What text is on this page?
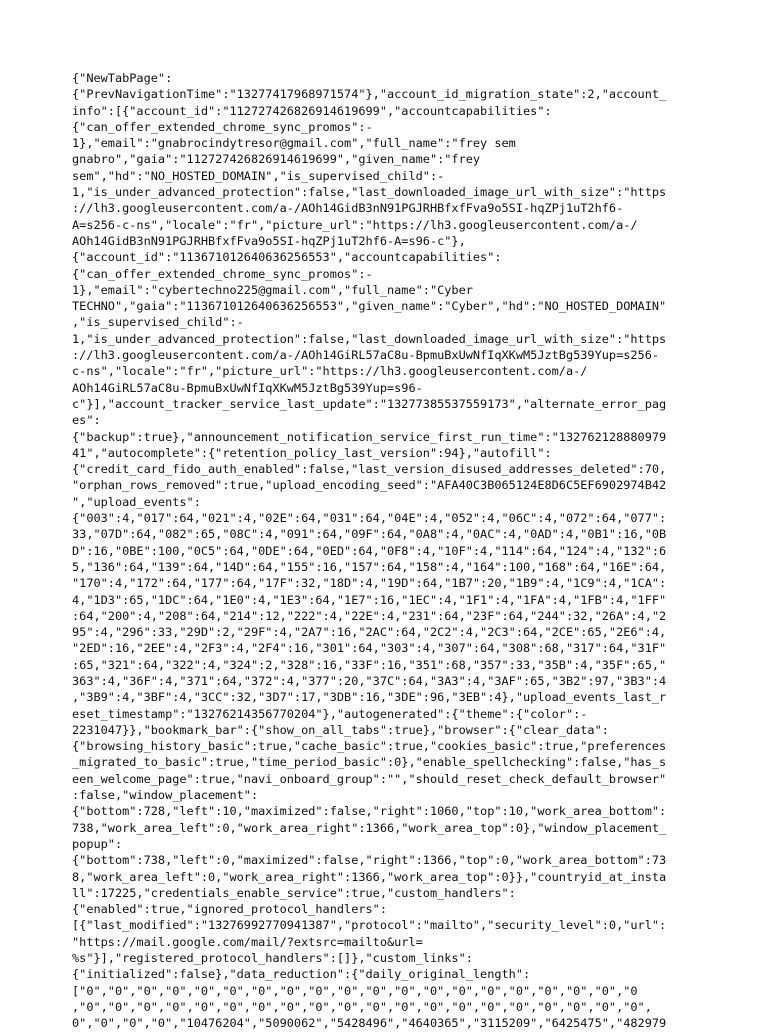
{"NewTabPage":
{"PrevNavigationTime":"13277417968971574"},"account_id_migration_state":2,"account_
info":[{"account_id":"112727426826914619699","accountcapabilities":
{"can_offer_extended_chrome_sync_promos":-
1},"email":"gnabrocindytresor@gmail.com","full_name":"frey sem
gnabro","gaia":"112727426826914619699","given_name":"frey
sem","hd":"NO_HOSTED_DOMAIN","is_supervised_child":-
1,"is_under_advanced_protection":false,"last_downloaded_image_url_with_size":"https
://lh3.googleusercontent.com/a-/AOh14GidB3nN91PGJRHBfxfFva9o5SI-hqZPj1uT2hf6-
A=s256-c-ns","locale":"fr","picture_url":"https://lh3.googleusercontent.com/a-/
AOh14GidB3nN91PGJRHBfxfFva9o5SI-hqZPj1uT2hf6-A=s96-c"},
{"account_id":"113671012640636256553","accountcapabilities":
{"can_offer_extended_chrome_sync_promos":-
1},"email":"cybertechno225@gmail.com","full_name":"Cyber
TECHNO","gaia":"113671012640636256553","given_name":"Cyber","hd":"NO_HOSTED_DOMAIN"
,"is_supervised_child":-
1,"is_under_advanced_protection":false,"last_downloaded_image_url_with_size":"https
://lh3.googleusercontent.com/a-/AOh14GiRL57aC8u-BpmuBxUwNfIqXKwM5JztBg539Yup=s256-
c-ns","locale":"fr","picture_url":"https://lh3.googleusercontent.com/a-/
AOh14GiRL57aC8u-BpmuBxUwNfIqXKwM5JztBg539Yup=s96-
c"}],"account_tracker_service_last_update":"13277385537559173","alternate_error_pag
es":
{"backup":true},"announcement_notification_service_first_run_time":"132762128880979
41","autocomplete":{"retention_policy_last_version":94},"autofill":
{"credit_card_fido_auth_enabled":false,"last_version_disused_addresses_deleted":70,
"orphan_rows_removed":true,"upload_encoding_seed":"AFA40C3B065124E8D6C5EF6902974B42
","upload_events":
{"003":4,"017":64,"021":4,"02E":64,"031":64,"04E":4,"052":4,"06C":4,"072":64,"077":
33,"07D":64,"082":65,"08C":4,"091":64,"09F":64,"0A8":4,"0AC":4,"0AD":4,"0B1":16,"0B
D":16,"0BE":100,"0C5":64,"0DE":64,"0ED":64,"0F8":4,"10F":4,"114":64,"124":4,"132":6
5,"136":64,"139":64,"14D":64,"155":16,"157":64,"158":4,"164":100,"168":64,"16E":64,
"170":4,"172":64,"177":64,"17F":32,"18D":4,"19D":64,"1B7":20,"1B9":4,"1C9":4,"1CA":
4,"1D3":65,"1DC":64,"1E0":4,"1E3":64,"1E7":16,"1EC":4,"1F1":4,"1FA":4,"1FB":4,"1FF"
:64,"200":4,"208":64,"214":12,"222":4,"22E":4,"231":64,"23F":64,"244":32,"26A":4,"2
95":4,"296":33,"29D":2,"29F":4,"2A7":16,"2AC":64,"2C2":4,"2C3":64,"2CE":65,"2E6":4,
"2ED":16,"2EE":4,"2F3":4,"2F4":16,"301":64,"303":4,"307":64,"308":68,"317":64,"31F"
:65,"321":64,"322":4,"324":2,"328":16,"33F":16,"351":68,"357":33,"35B":4,"35F":65,"
363":4,"36F":4,"371":64,"372":4,"377":20,"37C":64,"3A3":4,"3AF":65,"3B2":97,"3B3":4
,"3B9":4,"3BF":4,"3CC":32,"3D7":17,"3DB":16,"3DE":96,"3EB":4},"upload_events_last_r
eset_timestamp":"13276214356770204"},"autogenerated":{"theme":{"color":-
2231047}},"bookmark_bar":{"show_on_all_tabs":true},"browser":{"clear_data":
{"browsing_history_basic":true,"cache_basic":true,"cookies_basic":true,"preferences
_migrated_to_basic":true,"time_period_basic":0},"enable_spellchecking":false,"has_s
een_welcome_page":true,"navi_onboard_group":"","should_reset_check_default_browser"
:false,"window_placement":
{"bottom":728,"left":10,"maximized":false,"right":1060,"top":10,"work_area_bottom":
738,"work_area_left":0,"work_area_right":1366,"work_area_top":0},"window_placement_
popup":
{"bottom":738,"left":0,"maximized":false,"right":1366,"top":0,"work_area_bottom":73
8,"work_area_left":0,"work_area_right":1366,"work_area_top":0}},"countryid_at_insta
ll":17225,"credentials_enable_service":true,"custom_handlers":
{"enabled":true,"ignored_protocol_handlers":
[{"last_modified":"13276992770941387","protocol":"mailto","security_level":0,"url":
"https://mail.google.com/mail/?extsrc=mailto&url=
%s"}],"registered_protocol_handlers":[]},"custom_links":
{"initialized":false},"data_reduction":{"daily_original_length":
["0","0","0","0","0","0","0","0","0","0","0","0","0","0","0","0","0","0","0","0
,"0","0","0","0","0","0","0","0","0","0","0","0","0","0","0","0","0","0","0","0",
0","0","0","0","10476204","5090062","5428496","4640365","3115209","6425475","482979
